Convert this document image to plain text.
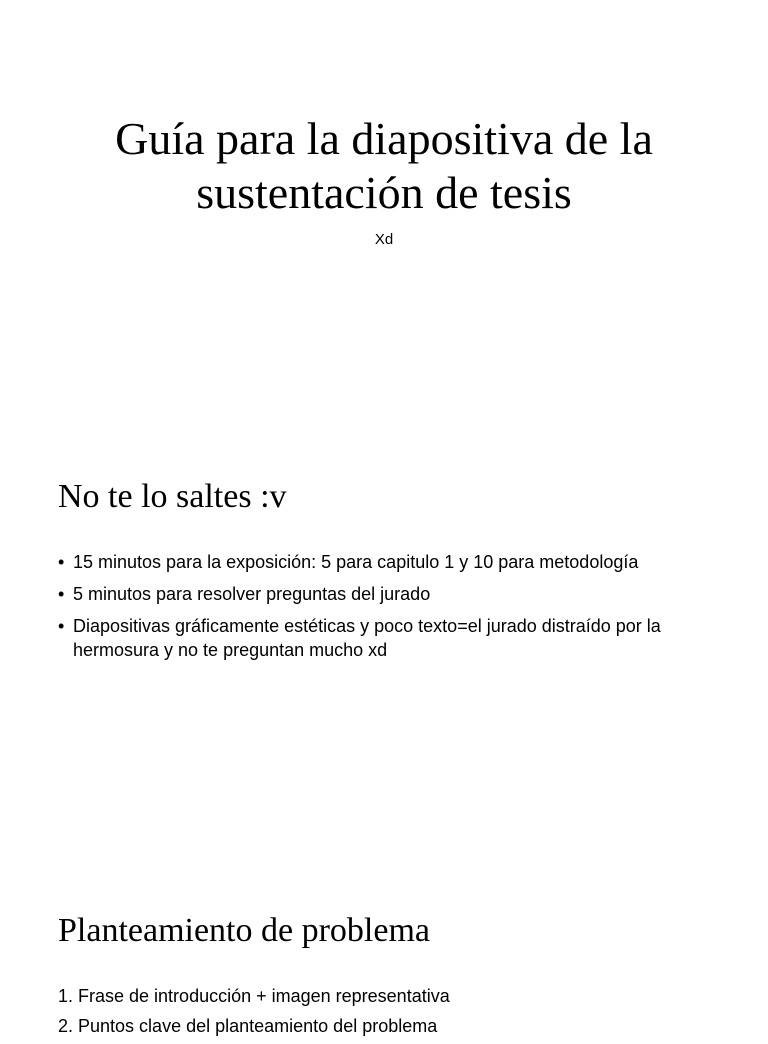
Guía para la diapositiva de la sustentación de tesis

Xd

No te lo saltes :v
• 15 minutos para la exposición: 5 para capitulo 1 y 10 para metodología
• 5 minutos para resolver preguntas del jurado
• Diapositivas gráficamente estéticas y poco texto=el jurado distraído por la hermosura y no te preguntan mucho xd
Planteamiento de problema
1. Frase de introducción + imagen representativa
2. Puntos clave del planteamiento del problema
